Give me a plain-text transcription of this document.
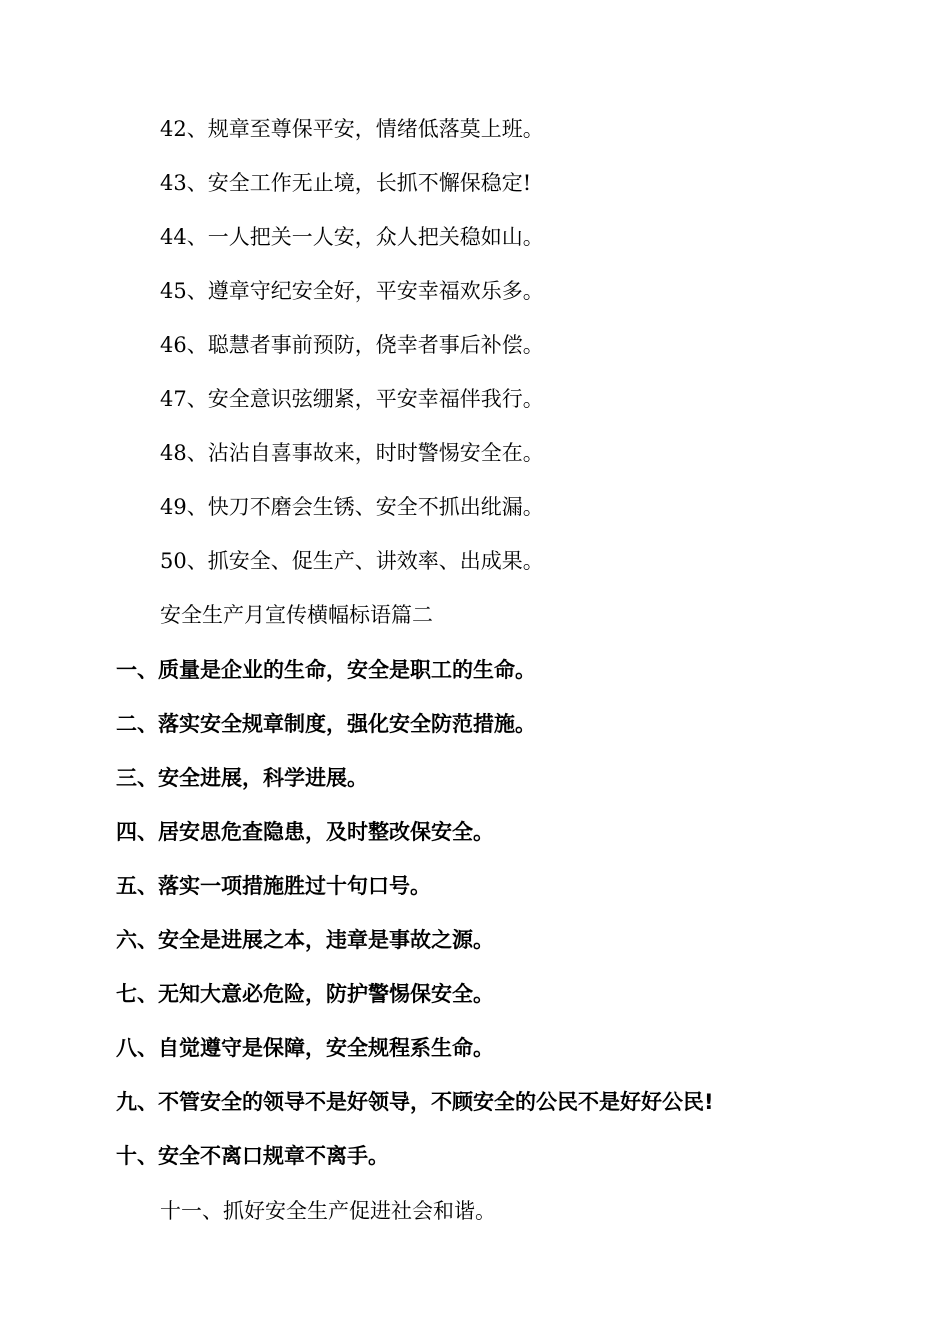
42、规章至尊保平安，情绪低落莫上班。
43、安全工作无止境，长抓不懈保稳定!
44、一人把关一人安，众人把关稳如山。
45、遵章守纪安全好，平安幸福欢乐多。
46、聪慧者事前预防，侥幸者事后补偿。
47、安全意识弦绷紧，平安幸福伴我行。
48、沾沾自喜事故来，时时警惕安全在。
49、快刀不磨会生锈、安全不抓出纰漏。
50、抓安全、促生产、讲效率、出成果。
安全生产月宣传横幅标语篇二
一、质量是企业的生命，安全是职工的生命。
二、落实安全规章制度，强化安全防范措施。
三、安全进展，科学进展。
四、居安思危查隐患，及时整改保安全。
五、落实一项措施胜过十句口号。
六、安全是进展之本，违章是事故之源。
七、无知大意必危险，防护警惕保安全。
八、自觉遵守是保障，安全规程系生命。
九、不管安全的领导不是好领导，不顾安全的公民不是好好公民!
十、安全不离口规章不离手。
十一、抓好安全生产促进社会和谐。
